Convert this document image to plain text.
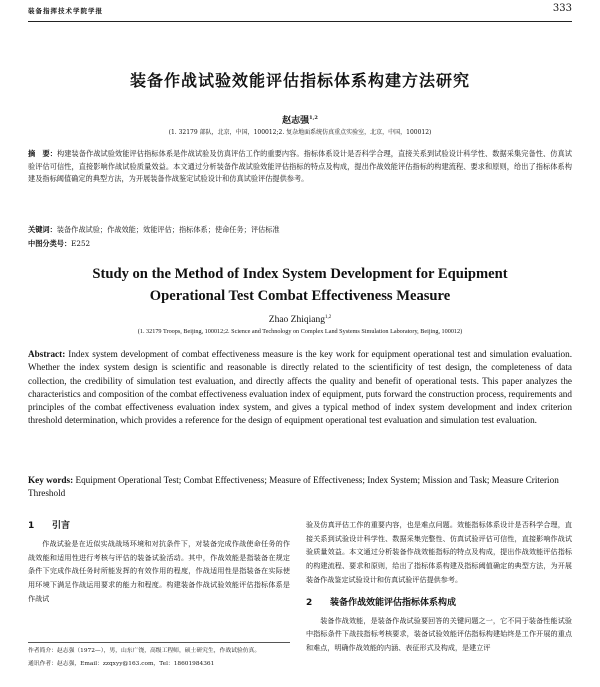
装备指挥技术学院学报	333
装备作战试验效能评估指标体系构建方法研究
赵志强$^{1,2}$
(1. 32179 部队，北京，中国，100012;2. 复杂地面系统仿真重点实验室，北京，中国，100012)
摘　要：构建装备作战试验效能评估指标体系是作战试验及仿真评估工作的重要内容。指标体系设计是否科学合理，直接关系到试验设计科学性、数据采集完备性、仿真试验评估可信性，直接影响作战试验质量效益。本文通过分析装备作战试验效能评估指标的特点及构成，提出作战效能评估指标的构建流程、要求和原则，给出了指标体系构建及指标阈值确定的典型方法，为开展装备作战鉴定试验设计和仿真试验评估提供参考。
关键词：装备作战试验；作战效能；效能评估；指标体系；使命任务；评估标准
中图分类号：E252
Study on the Method of Index System Development for Equipment
Operational Test Combat Effectiveness Measure
Zhao Zhiqiang$^{1,2}$
(1. 32179 Troops, Beijing, 100012;2. Science and Technology on Complex Land Systems Simulation Laboratory, Beijing, 100012)
Abstract: Index system development of combat effectiveness measure is the key work for equipment operational test and simulation evaluation. Whether the index system design is scientific and reasonable is directly related to the scientificity of test design, the completeness of data collection, the credibility of simulation test evaluation, and directly affects the quality and benefit of operational tests. This paper analyzes the characteristics and composition of the combat effectiveness evaluation index of equipment, puts forward the construction process, requirements and principles of the combat effectiveness evaluation index system, and gives a typical method of index system development and index criterion threshold determination, which provides a reference for the design of equipment operational test evaluation and simulation test evaluation.
Key words: Equipment Operational Test; Combat Effectiveness; Measure of Effectiveness; Index System; Mission and Task; Measure Criterion Threshold
1 引言

作战试验是在近似实战战场环境和对抗条件下，对装备完成作战使命任务的作战效能和适用性进行考核与评估的装备试验活动。其中，作战效能是指装备在规定条件下完成作战任务时所能发挥的有效作用的程度，作战适用性是指装备在实际使用环境下满足作战运用要求的能力和程度。构建装备作战试验效能评估指标体系是作战试

验及仿真评估工作的重要内容，也是难点问题。效能指标体系设计是否科学合理，直接关系到试验设计科学性、数据采集完整性、仿真试验评估可信性，直接影响作战试验质量效益。本文通过分析装备作战效能指标的特点及构成，提出作战效能评估指标的构建流程、要求和原则，给出了指标体系构建及指标阈值确定的典型方法，为开展装备作战鉴定试验设计和仿真试验评估提供参考。

2 装备作战效能评估指标体系构成

装备作战效能，是装备作战试验要回答的关键问题之一，它不同于装备性能试验中指标条件下战技指标考核要求，装备试验效能评估指标构建始终是工作开展的重点和难点，明确作战效能的内涵、表征形式及构成，是建立评

作者简介：赵志强（1972—），男，山东广饶，高级工程师，硕士研究生，作战试验仿真。
通讯作者：赵志强，Email：zzqxyy@163.com，Tel：18601984361
